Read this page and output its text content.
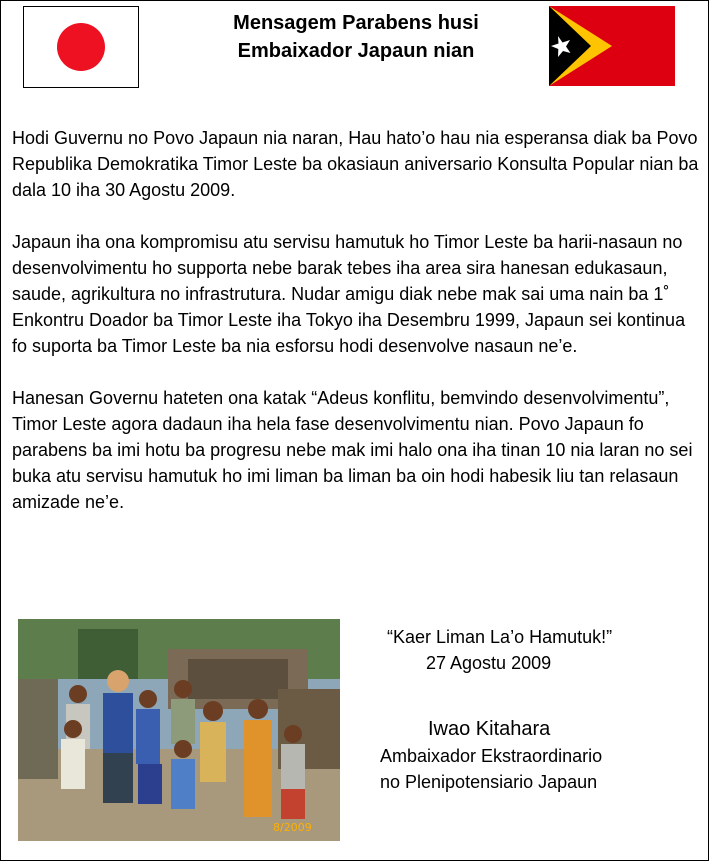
Mensagem Parabens husi
Embaixador Japaun nian

Hodi Guvernu no Povo Japaun nia naran, Hau hato’o hau nia esperansa diak ba Povo Republika Demokratika Timor Leste ba okasiaun aniversario Konsulta Popular nian ba dala 10 iha 30 Agostu 2009.

Japaun iha ona kompromisu atu servisu hamutuk ho Timor Leste ba harii-nasaun no desenvolvimentu ho supporta nebe barak tebes iha area sira hanesan edukasaun, saude, agrikultura no infrastrutura. Nudar amigu diak nebe mak sai uma nain ba 1˚ Enkontru Doador ba Timor Leste iha Tokyo iha Desembru 1999, Japaun sei kontinua fo suporta ba Timor Leste ba nia esforsu hodi desenvolve nasaun ne’e.

Hanesan Governu hateten ona katak “Adeus konflitu, bemvindo desenvolvimentu”, Timor Leste agora dadaun iha hela fase desenvolvimentu nian. Povo Japaun fo parabens ba imi hotu ba progresu nebe mak imi halo ona iha tinan 10 nia laran no sei buka atu servisu hamutuk ho imi liman ba liman ba oin hodi habesik liu tan relasaun amizade ne’e.

8/2009
“Kaer Liman La’o Hamutuk!”
27 Agostu 2009
Iwao Kitahara
Ambaixador Ekstraordinario
no Plenipotensiario Japaun
